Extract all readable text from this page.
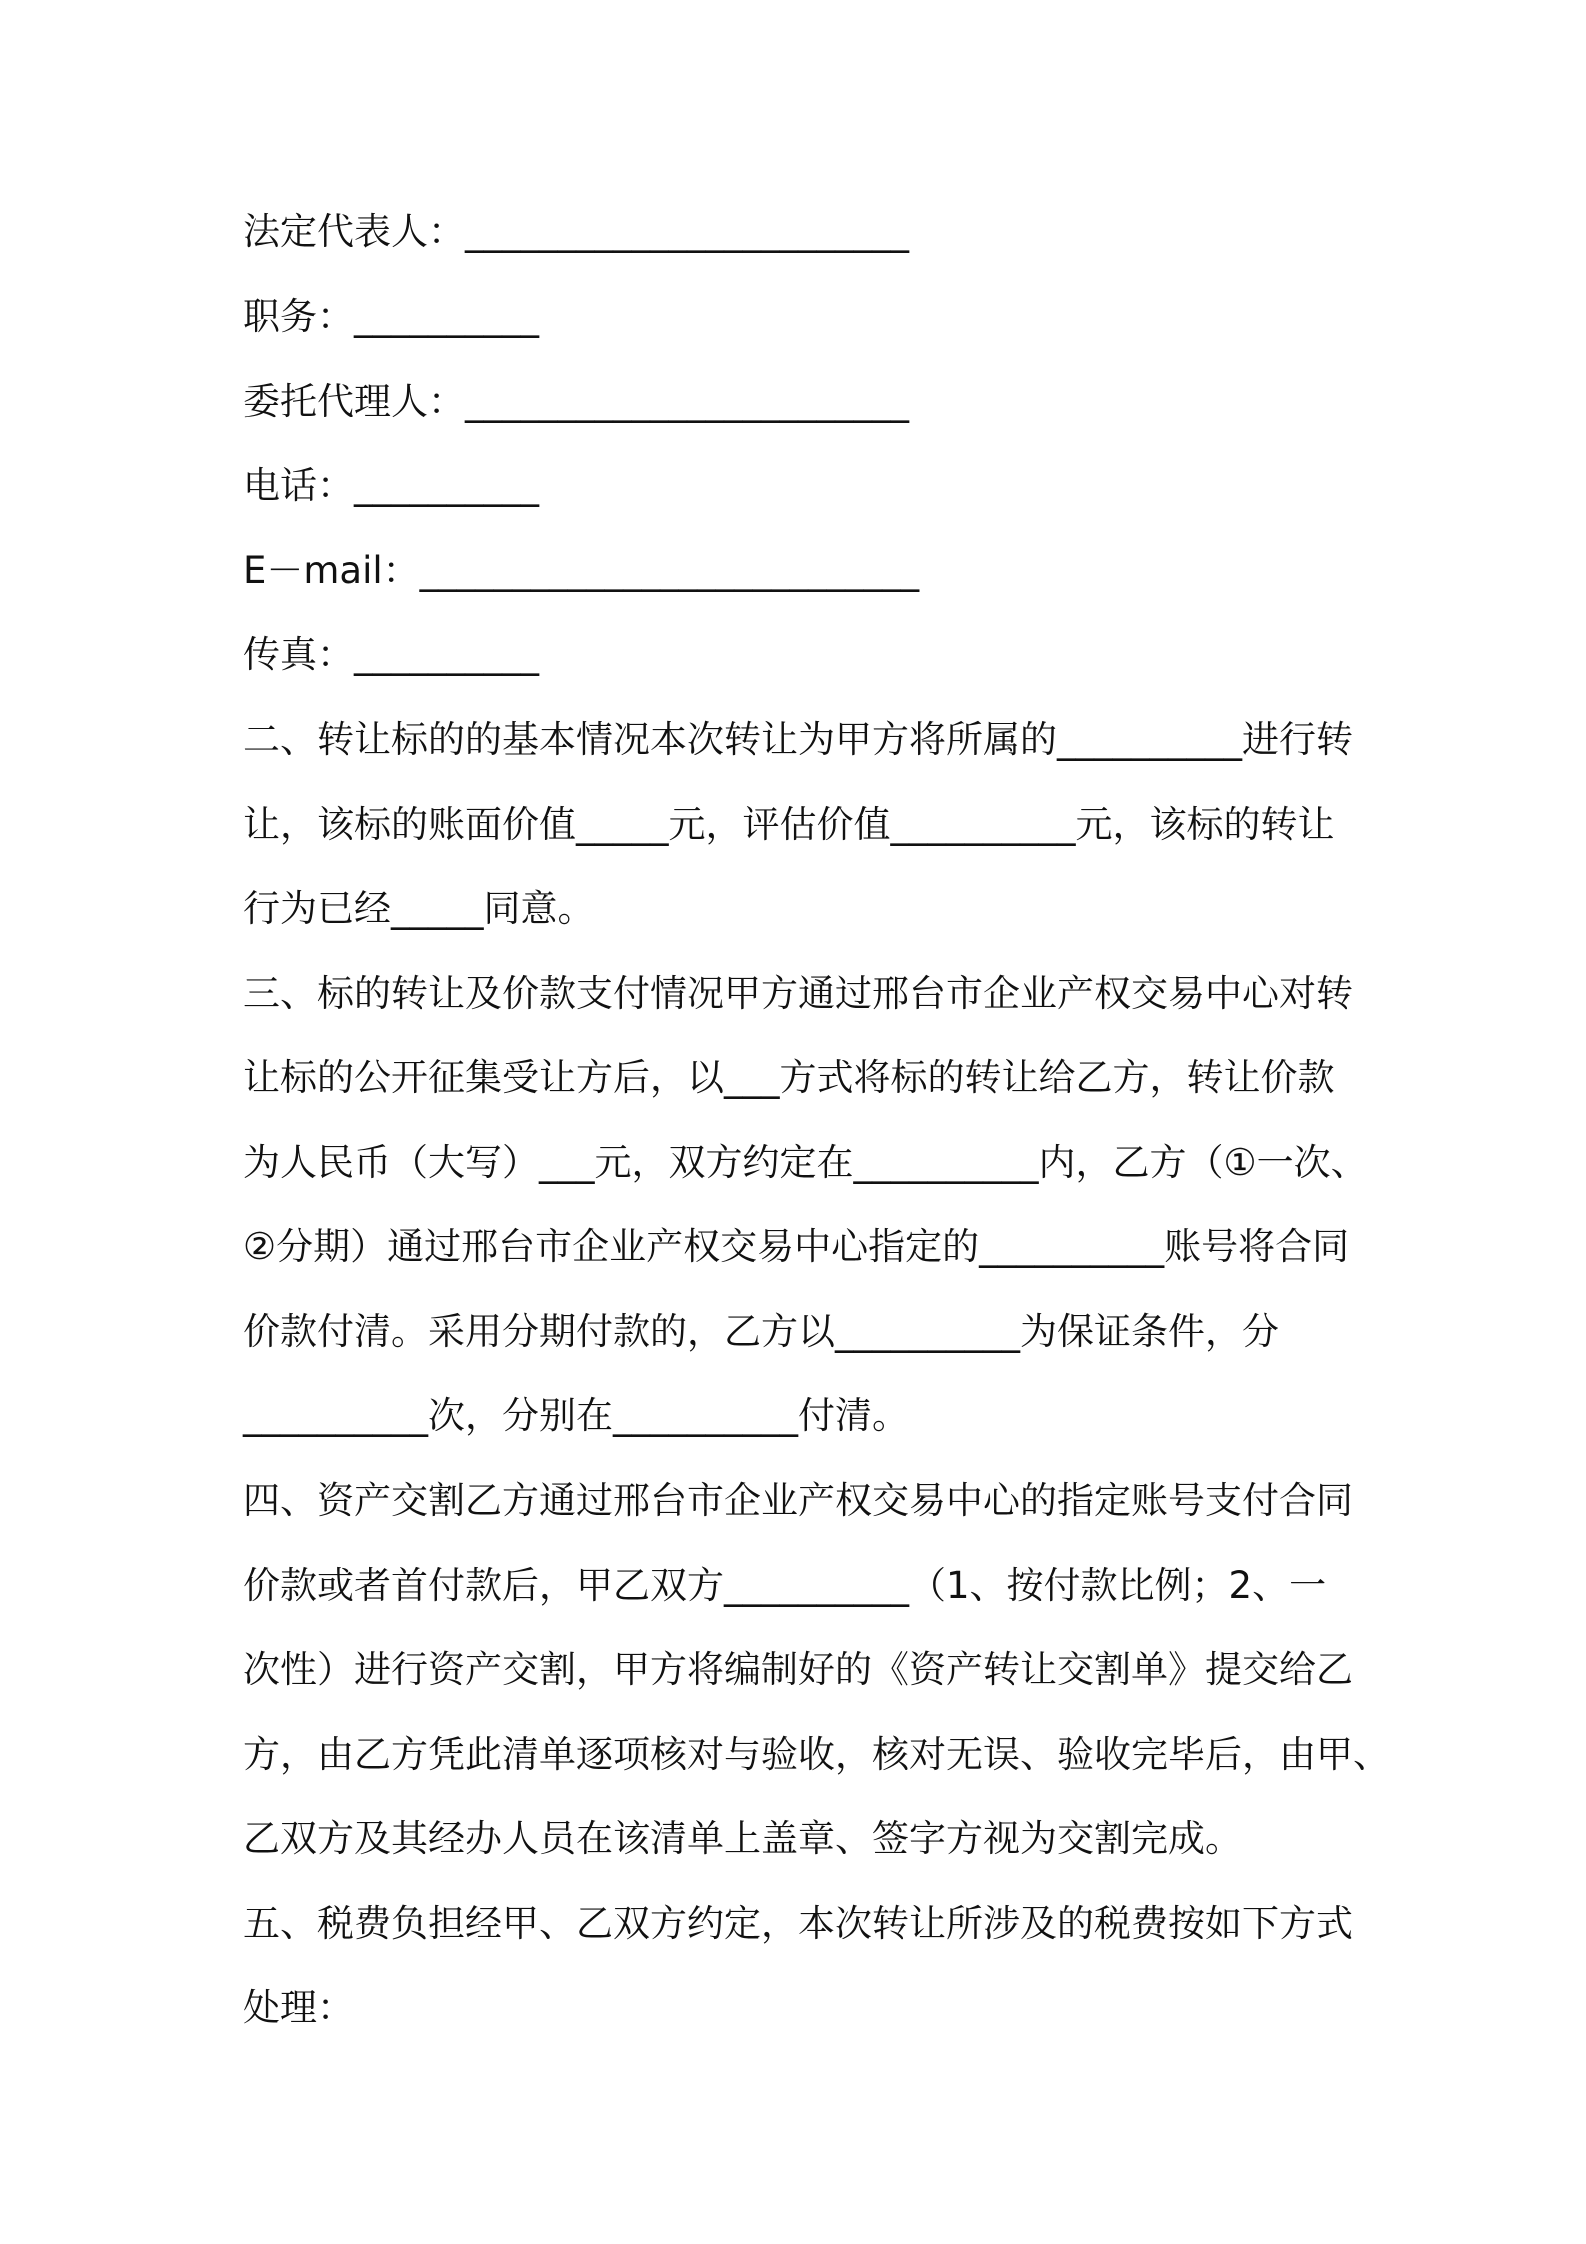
法定代表人：________________________
职务：__________
委托代理人：________________________
电话：__________
E－mail：___________________________
传真：__________
二、转让标的的基本情况本次转让为甲方将所属的__________进行转
让，该标的账面价值_____元，评估价值__________元，该标的转让
行为已经_____同意。
三、标的转让及价款支付情况甲方通过邢台市企业产权交易中心对转
让标的公开征集受让方后，以___方式将标的转让给乙方，转让价款
为人民币（大写）___元，双方约定在__________内，乙方（①一次、
②分期）通过邢台市企业产权交易中心指定的__________账号将合同
价款付清。采用分期付款的，乙方以__________为保证条件，分
__________次，分别在__________付清。
四、资产交割乙方通过邢台市企业产权交易中心的指定账号支付合同
价款或者首付款后，甲乙双方__________（1、按付款比例；2、一
次性）进行资产交割，甲方将编制好的《资产转让交割单》提交给乙
方，由乙方凭此清单逐项核对与验收，核对无误、验收完毕后，由甲、
乙双方及其经办人员在该清单上盖章、签字方视为交割完成。
五、税费负担经甲、乙双方约定，本次转让所涉及的税费按如下方式
处理：
